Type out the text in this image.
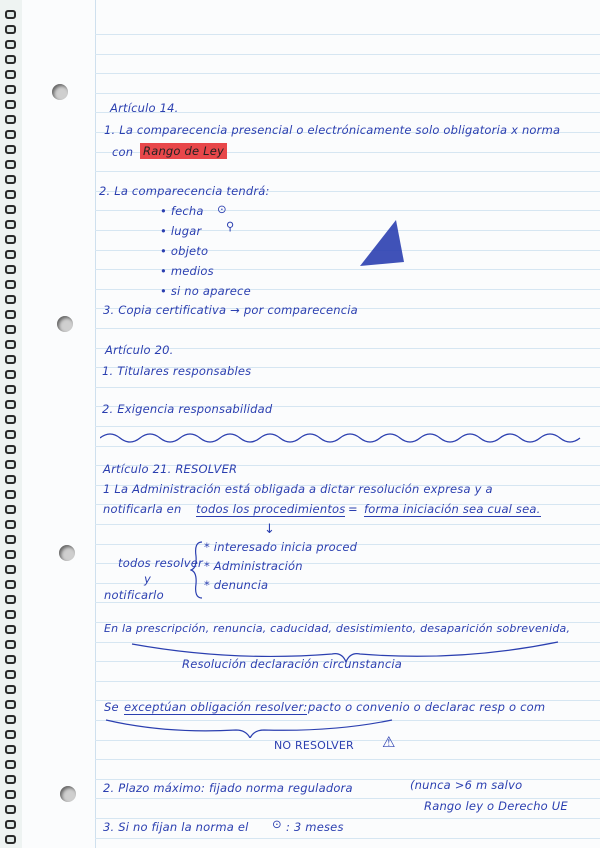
Artículo 14.
1. La comparecencia presencial o electrónicamente solo obligatoria x norma
con Rango de Ley
2. La comparecencia tendrá:
• fecha ⊙
• lugar ⚲
• objeto
• medios
• si no aparece
3. Copia certificativa → por comparecencia
Artículo 20.
1. Titulares responsables
2. Exigencia responsabilidad
Artículo 21. RESOLVER
1 La Administración está obligada a dictar resolución expresa y a
notificarla en todos los procedimientos = forma iniciación sea cual sea.
↓
todos resolver
y
notificarlo
* interesado inicia proced
* Administración
* denuncia
En la prescripción, renuncia, caducidad, desistimiento, desaparición sobrevenida,
Resolución declaración circunstancia
Se exceptúan obligación resolver: pacto o convenio o declarac resp o com
NO RESOLVER ⚠
2. Plazo máximo: fijado norma reguladora	(nunca >6 m salvo
Rango ley o Derecho UE
3. Si no fijan la norma el ⊙ : 3 meses
